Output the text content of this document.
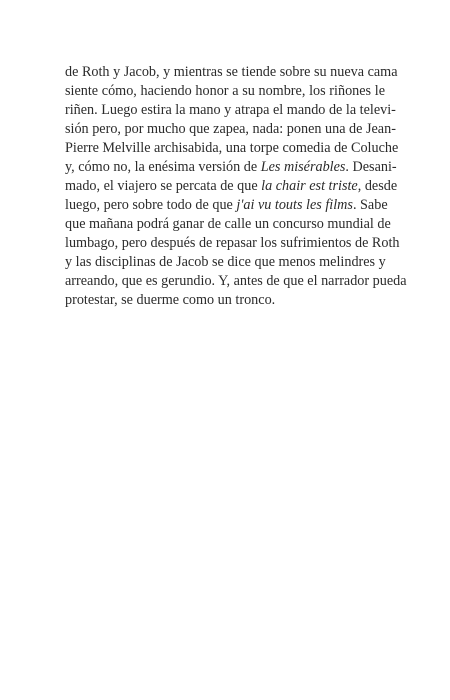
de Roth y Jacob, y mientras se tiende sobre su nueva cama
siente cómo, haciendo honor a su nombre, los riñones le
riñen. Luego estira la mano y atrapa el mando de la televi-
sión pero, por mucho que zapea, nada: ponen una de Jean-
Pierre Melville archisabida, una torpe comedia de Coluche
y, cómo no, la enésima versión de Les misérables. Desani-
mado, el viajero se percata de que la chair est triste, desde
luego, pero sobre todo de que j'ai vu touts les films. Sabe
que mañana podrá ganar de calle un concurso mundial de
lumbago, pero después de repasar los sufrimientos de Roth
y las disciplinas de Jacob se dice que menos melindres y
arreando, que es gerundio. Y, antes de que el narrador pueda
protestar, se duerme como un tronco.
